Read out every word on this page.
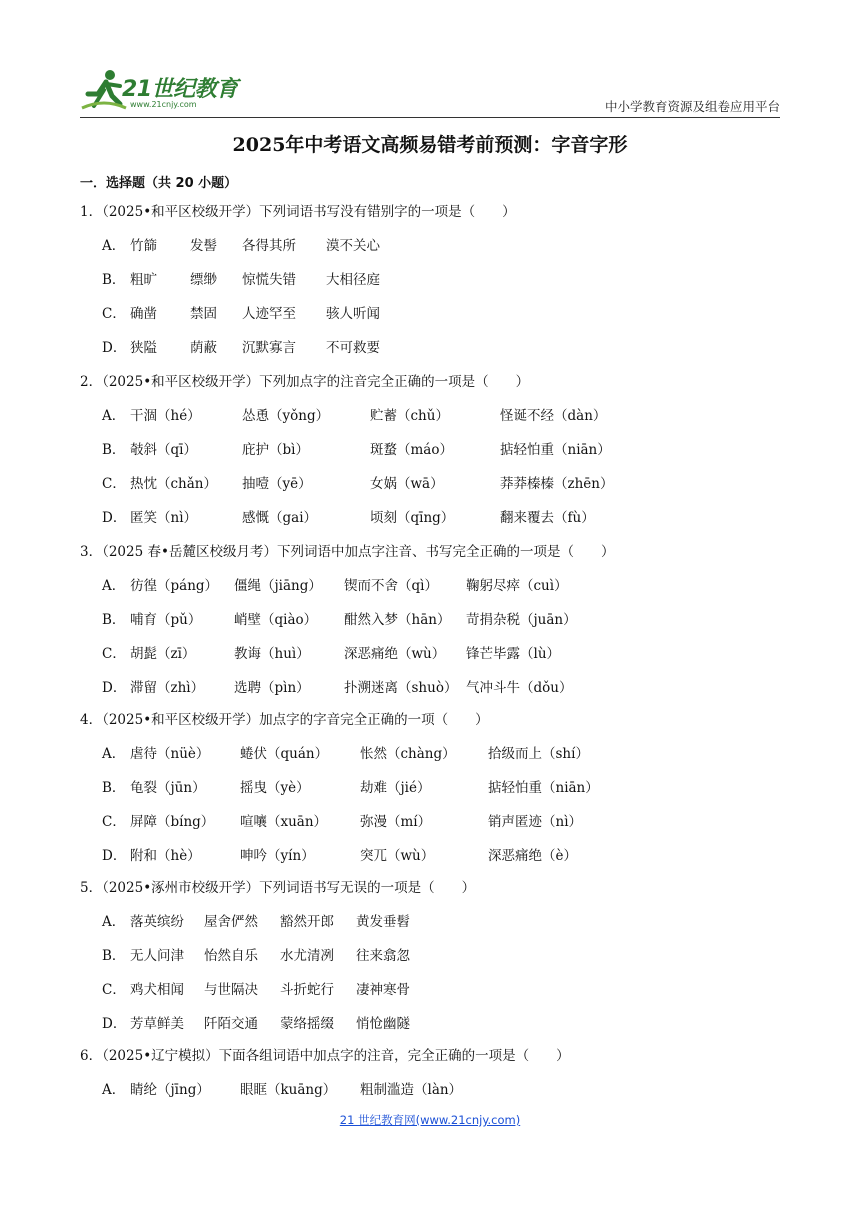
21世纪教育
www.21cnjy.com	中小学教育资源及组卷应用平台
2025年中考语文高频易错考前预测：字音字形
一．选择题（共 20 小题）
1．（2025•和平区校级开学）下列词语书写没有错别字的一项是（　　）
A． 竹篩 发髻 各得其所 漠不关心
B． 粗旷 缥缈 惊慌失错 大相径庭
C． 确凿 禁固 人迹罕至 骇人听闻
D． 狭隘 荫蔽 沉默寡言 不可救要
2．（2025•和平区校级开学）下列加点字的注音完全正确的一项是（　　）
A． 干涸（hé）	怂恿（yǒng）	贮蓄（chǔ）	怪诞不经（dàn）
B． 攲斜（qī）	庇护（bì）	斑蝥（máo）	掂轻怕重（niān）
C． 热忱（chǎn） 抽噎（yē）	女娲（wā）	莽莽榛榛（zhēn）
D． 匿笑（nì）	感慨（gai）	顷刻（qīng）	翻来覆去（fù）
3．（2025 春•岳麓区校级月考）下列词语中加点字注音、书写完全正确的一项是（　　）
A． 彷徨（páng） 僵绳（jiāng） 锲而不舍（qì） 鞠躬尽瘁（cuì）
B． 哺育（pǔ） 峭壁（qiào） 酣然入梦（hān） 苛捐杂税（juān）
C． 胡髭（zī）	教诲（huì）	深恶痛绝（wù） 锋芒毕露（lù）
D． 滞留（zhì） 选聘（pìn）	扑溯迷离（shuò） 气冲斗牛（dǒu）
4．（2025•和平区校级开学）加点字的字音完全正确的一项（　　）
A． 虐待（nüè） 蜷伏（quán） 怅然（chàng） 拾级而上（shí）
B． 龟裂（jūn）	摇曳（yè）	劫难（jié）	掂轻怕重（niān）
C． 屏障（bíng） 喧嚷（xuān） 弥漫（mí）	销声匿迹（nì）
D． 附和（hè）	呻吟（yín）	突兀（wù）	深恶痛绝（è）
5．（2025•涿州市校级开学）下列词语书写无误的一项是（　　）
A． 落英缤纷 屋舍俨然 豁然开郎 黄发垂髫
B． 无人问津 怡然自乐 水尤清冽 往来翕忽
C． 鸡犬相闻 与世隔决 斗折蛇行 凄神寒骨
D． 芳草鲜美 阡陌交通 蒙络摇缀 悄怆幽隧
6．（2025•辽宁模拟）下面各组词语中加点字的注音，完全正确的一项是（　　）
A． 睛纶（jīng） 眼眶（kuāng） 粗制滥造（làn）
21 世纪教育网(www.21cnjy.com)
